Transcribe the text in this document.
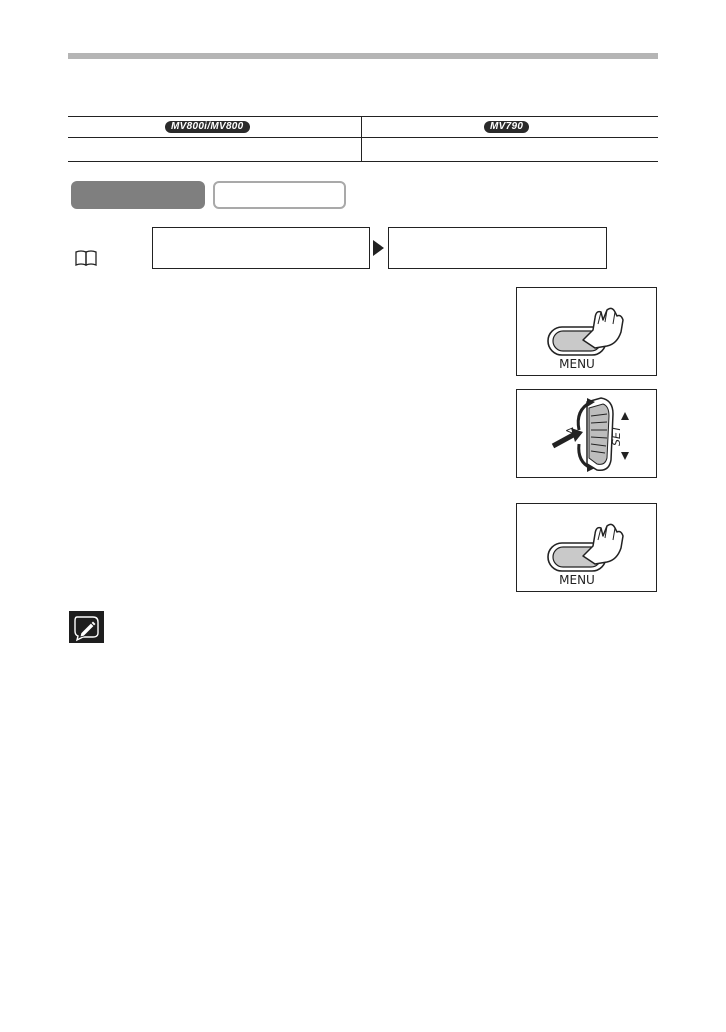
MV800i/MV800	MV790
MENU
⊲	SET
MENU
